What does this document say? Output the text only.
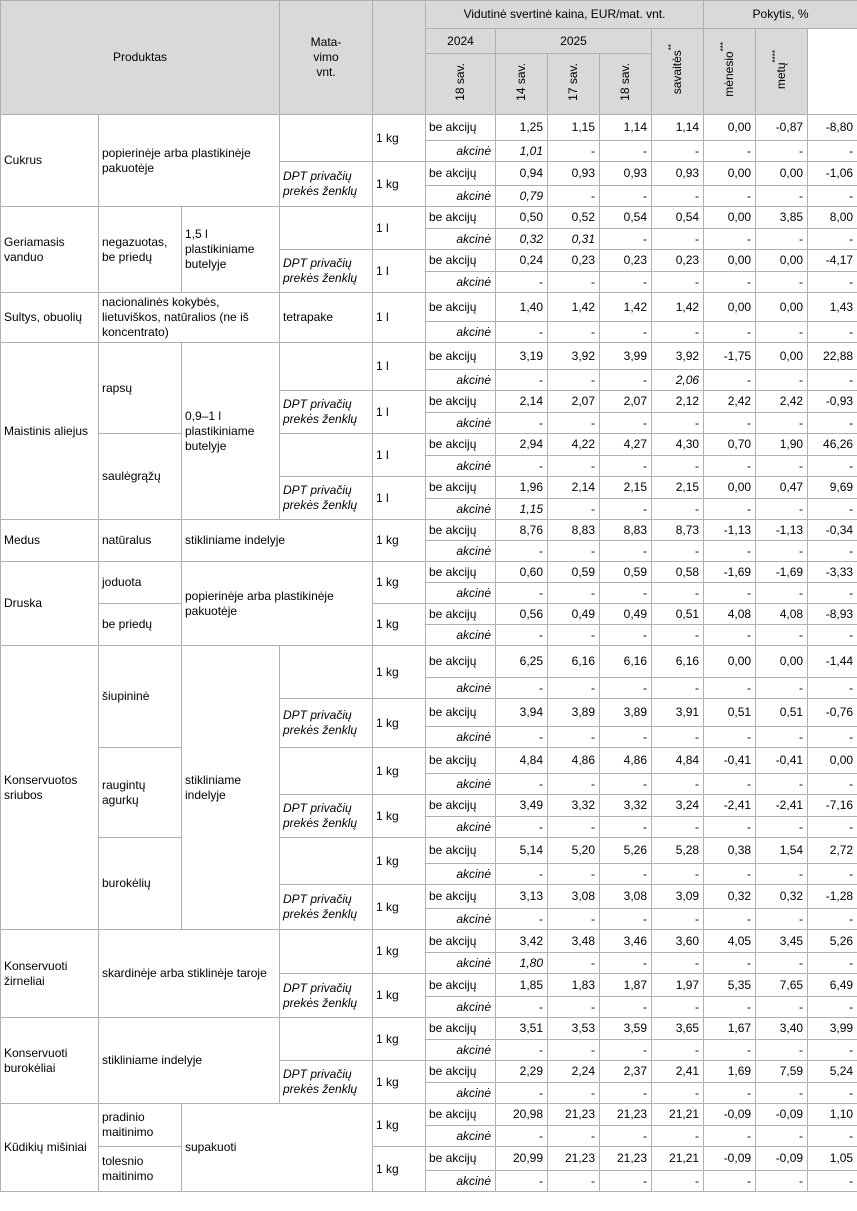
Produktas			Mata-
vimo
vnt.		Vidutinė svertinė kaina, EUR/mat. vnt.					Pokytis, %		
					2024	2025			savaitės**	mėnesio***	metų****
					18 sav.	14 sav.	17 sav.	18 sav.				
Cukrus	popierinėje arba plastikinėje pakuotėje			1 kg	be akcijų	1,25	1,15	1,14	1,14	0,00	-0,87	-8,80
					akcinė	1,01	-	-	-	-	-	-
			DPT privačių prekės ženklų	1 kg	be akcijų	0,94	0,93	0,93	0,93	0,00	0,00	-1,06
					akcinė	0,79	-	-	-	-	-	-
Geriamasis vanduo	negazuotas, be priedų	1,5 l plastikiniame butelyje		1 l	be akcijų	0,50	0,52	0,54	0,54	0,00	3,85	8,00
					akcinė	0,32	0,31	-	-	-	-	-
			DPT privačių prekės ženklų	1 l	be akcijų	0,24	0,23	0,23	0,23	0,00	0,00	-4,17
					akcinė	-	-	-	-	-	-	-
Sultys, obuolių	nacionalinės kokybės, lietuviškos, natūralios (ne iš koncentrato)		tetrapake	1 l	be akcijų	1,40	1,42	1,42	1,42	0,00	0,00	1,43
					akcinė	-	-	-	-	-	-	-
Maistinis aliejus	rapsų	0,9–1 l plastikiniame butelyje		1 l	be akcijų	3,19	3,92	3,99	3,92	-1,75	0,00	22,88
					akcinė	-	-	-	2,06	-	-	-
			DPT privačių prekės ženklų	1 l	be akcijų	2,14	2,07	2,07	2,12	2,42	2,42	-0,93
					akcinė	-	-	-	-	-	-	-
	saulėgrąžų			1 l	be akcijų	2,94	4,22	4,27	4,30	0,70	1,90	46,26
					akcinė	-	-	-	-	-	-	-
			DPT privačių prekės ženklų	1 l	be akcijų	1,96	2,14	2,15	2,15	0,00	0,47	9,69
					akcinė	1,15	-	-	-	-	-	-
Medus	natūralus	stikliniame indelyje		1 kg	be akcijų	8,76	8,83	8,83	8,73	-1,13	-1,13	-0,34
					akcinė	-	-	-	-	-	-	-
Druska	joduota	popierinėje arba plastikinėje pakuotėje		1 kg	be akcijų	0,60	0,59	0,59	0,58	-1,69	-1,69	-3,33
					akcinė	-	-	-	-	-	-	-
	be priedų			1 kg	be akcijų	0,56	0,49	0,49	0,51	4,08	4,08	-8,93
					akcinė	-	-	-	-	-	-	-
Konservuotos sriubos	šiupininė	stikliniame indelyje		1 kg	be akcijų	6,25	6,16	6,16	6,16	0,00	0,00	-1,44
					akcinė	-	-	-	-	-	-	-
			DPT privačių prekės ženklų	1 kg	be akcijų	3,94	3,89	3,89	3,91	0,51	0,51	-0,76
					akcinė	-	-	-	-	-	-	-
	raugintų agurkų			1 kg	be akcijų	4,84	4,86	4,86	4,84	-0,41	-0,41	0,00
					akcinė	-	-	-	-	-	-	-
			DPT privačių prekės ženklų	1 kg	be akcijų	3,49	3,32	3,32	3,24	-2,41	-2,41	-7,16
					akcinė	-	-	-	-	-	-	-
	burokėlių			1 kg	be akcijų	5,14	5,20	5,26	5,28	0,38	1,54	2,72
					akcinė	-	-	-	-	-	-	-
			DPT privačių prekės ženklų	1 kg	be akcijų	3,13	3,08	3,08	3,09	0,32	0,32	-1,28
					akcinė	-	-	-	-	-	-	-
Konservuoti žirneliai	skardinėje arba stiklinėje taroje			1 kg	be akcijų	3,42	3,48	3,46	3,60	4,05	3,45	5,26
					akcinė	1,80	-	-	-	-	-	-
			DPT privačių prekės ženklų	1 kg	be akcijų	1,85	1,83	1,87	1,97	5,35	7,65	6,49
					akcinė	-	-	-	-	-	-	-
Konservuoti burokėliai	stikliniame indelyje			1 kg	be akcijų	3,51	3,53	3,59	3,65	1,67	3,40	3,99
					akcinė	-	-	-	-	-	-	-
			DPT privačių prekės ženklų	1 kg	be akcijų	2,29	2,24	2,37	2,41	1,69	7,59	5,24
					akcinė	-	-	-	-	-	-	-
Kūdikių mišiniai	pradinio maitinimo	supakuoti		1 kg	be akcijų	20,98	21,23	21,23	21,21	-0,09	-0,09	1,10
					akcinė	-	-	-	-	-	-	-
	tolesnio maitinimo			1 kg	be akcijų	20,99	21,23	21,23	21,21	-0,09	-0,09	1,05
					akcinė	-	-	-	-	-	-	-
